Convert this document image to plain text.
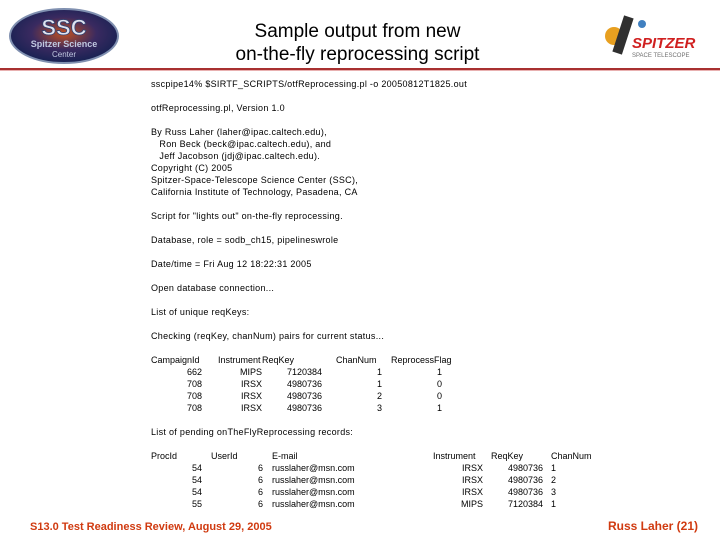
SSC
Spitzer Science
Center
Sample output from new
on-the-fly reprocessing script
SPITZER
SPACE TELESCOPE
sscpipe14% $SIRTF_SCRIPTS/otfReprocessing.pl -o 20050812T1825.out
otfReprocessing.pl, Version 1.0
By Russ Laher (laher@ipac.caltech.edu),
Ron Beck (beck@ipac.caltech.edu), and
Jeff Jacobson (jdj@ipac.caltech.edu).
Copyright (C) 2005
Spitzer-Space-Telescope Science Center (SSC),
California Institute of Technology, Pasadena, CA
Script for "lights out" on-the-fly reprocessing.
Database, role = sodb_ch15, pipelineswrole
Date/time = Fri Aug 12 18:22:31 2005
Open database connection...
List of unique reqKeys:
Checking (reqKey, chanNum) pairs for current status...
CampaignId Instrument ReqKey	ChanNum ReprocessFlag
662	MIPS	7120384	1	1
708	IRSX	4980736	1	0
708	IRSX	4980736	2	0
708	IRSX	4980736	3	1
List of pending onTheFlyReprocessing records:
ProcId	UserId	E-mail	Instrument ReqKey	ChanNum
54	6 russlaher@msn.com	IRSX	4980736 1
54	6 russlaher@msn.com	IRSX	4980736 2
54	6 russlaher@msn.com	IRSX	4980736 3
55	6 russlaher@msn.com	MIPS	7120384 1
S13.0 Test Readiness Review, August 29, 2005	Russ Laher (21)
